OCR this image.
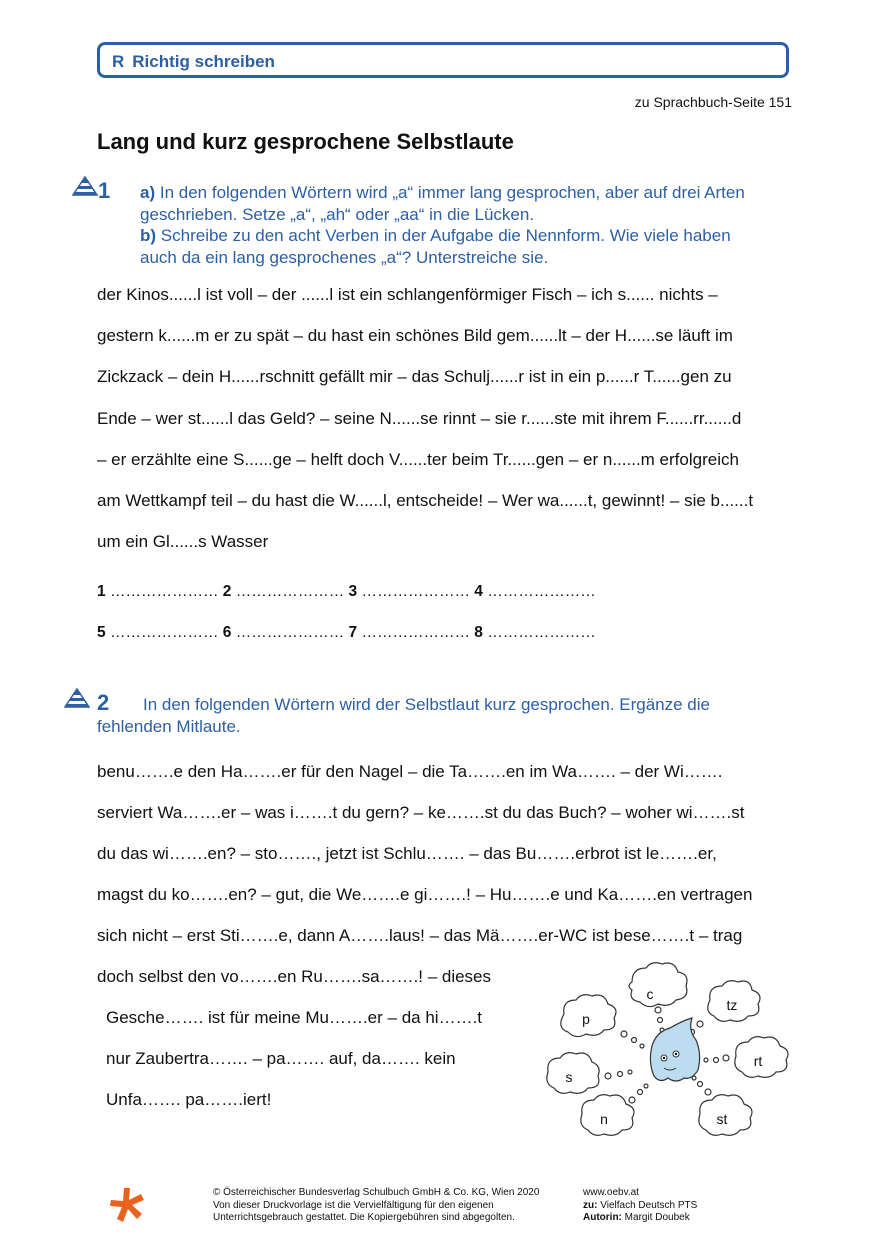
R Richtig schreiben
zu Sprachbuch-Seite 151
Lang und kurz gesprochene Selbstlaute
1 a) In den folgenden Wörtern wird „a“ immer lang gesprochen, aber auf drei Arten
geschrieben. Setze „a“, „ah“ oder „aa“ in die Lücken.
b) Schreibe zu den acht Verben in der Aufgabe die Nennform. Wie viele haben
auch da ein lang gesprochenes „a“? Unterstreiche sie.
der Kinos......l ist voll – der ......l ist ein schlangenförmiger Fisch – ich s...... nichts –
gestern k......m er zu spät – du hast ein schönes Bild gem......lt – der H......se läuft im
Zickzack – dein H......rschnitt gefällt mir – das Schulj......r ist in ein p......r T......gen zu
Ende – wer st......l das Geld? – seine N......se rinnt – sie r......ste mit ihrem F......rr......d
– er erzählte eine S......ge – helft doch V......ter beim Tr......gen – er n......m erfolgreich
am Wettkampf teil – du hast die W......l, entscheide! – Wer wa......t, gewinnt! – sie b......t
um ein Gl......s Wasser
1 ………………… 2 ………………… 3 ………………… 4 …………………
5 ………………… 6 ………………… 7 ………………… 8 …………………
2 In den folgenden Wörtern wird der Selbstlaut kurz gesprochen. Ergänze die
fehlenden Mitlaute.
benu…….e den Ha…….er für den Nagel – die Ta…….en im Wa……. – der Wi…….
serviert Wa…….er – was i…….t du gern? – ke…….st du das Buch? – woher wi…….st
du das wi…….en? – sto……., jetzt ist Schlu……. – das Bu…….erbrot ist le…….er,
magst du ko…….en? – gut, die We…….e gi…….! – Hu…….e und Ka…….en vertragen
sich nicht – erst Sti…….e, dann A…….laus! – das Mä…….er-WC ist bese…….t – trag
doch selbst den vo…….en Ru…….sa…….! – dieses
Gesche……. ist für meine Mu…….er – da hi…….t
nur Zaubertra……. – pa……. auf, da……. kein
Unfa……. pa…….iert!
c
tz
p
rt
s
n	st
© Österreichischer Bundesverlag Schulbuch GmbH & Co. KG, Wien 2020
Von dieser Druckvorlage ist die Vervielfältigung für den eigenen
Unterrichtsgebrauch gestattet. Die Kopiergebühren sind abgegolten.
www.oebv.at
zu: Vielfach Deutsch PTS
Autorin: Margit Doubek
